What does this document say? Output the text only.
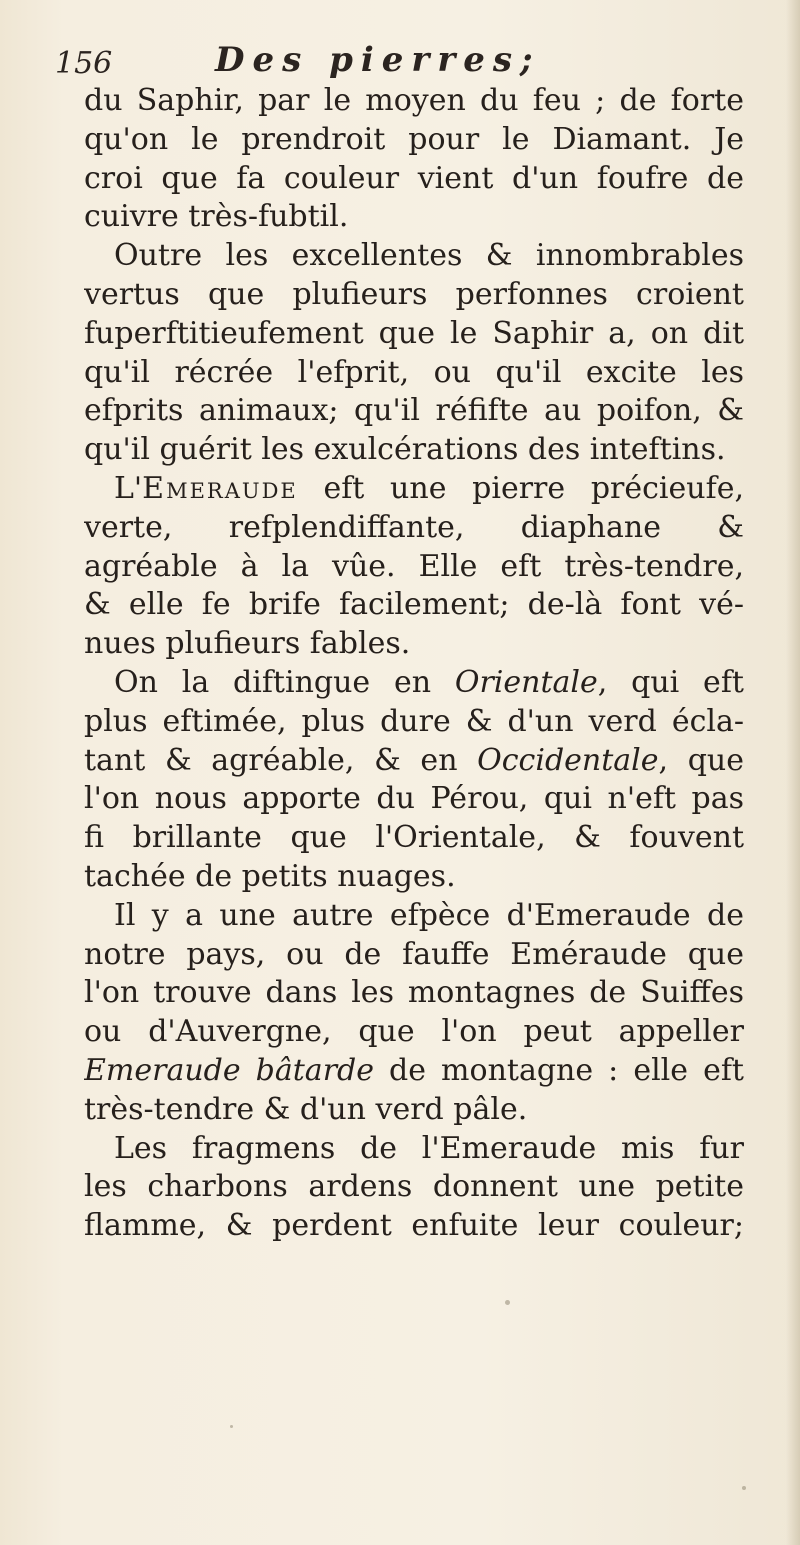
156	Des pierres;
du Saphir, par le moyen du feu ; de forte
qu'on le prendroit pour le Diamant. Je
croi que fa couleur vient d'un foufre de
cuivre très-fubtil.
Outre les excellentes & innombrables
vertus que plufieurs perfonnes croient
fuperftitieufement que le Saphir a, on dit
qu'il récrée l'efprit, ou qu'il excite les
efprits animaux; qu'il réfifte au poifon, &
qu'il guérit les exulcérations des inteftins.
L'Emeraude eft une pierre précieufe,
verte, refplendiffante, diaphane &
agréable à la vûe. Elle eft très-tendre,
& elle fe brife facilement; de-là font vé-
nues plufieurs fables.
On la diftingue en Orientale, qui eft
plus eftimée, plus dure & d'un verd écla-
tant & agréable, & en Occidentale, que
l'on nous apporte du Pérou, qui n'eft pas
fi brillante que l'Orientale, & fouvent
tachée de petits nuages.
Il y a une autre efpèce d'Emeraude de
notre pays, ou de fauffe Eméraude que
l'on trouve dans les montagnes de Suiffes
ou d'Auvergne, que l'on peut appeller
Emeraude bâtarde de montagne : elle eft
très-tendre & d'un verd pâle.
Les fragmens de l'Emeraude mis fur
les charbons ardens donnent une petite
flamme, & perdent enfuite leur couleur;
